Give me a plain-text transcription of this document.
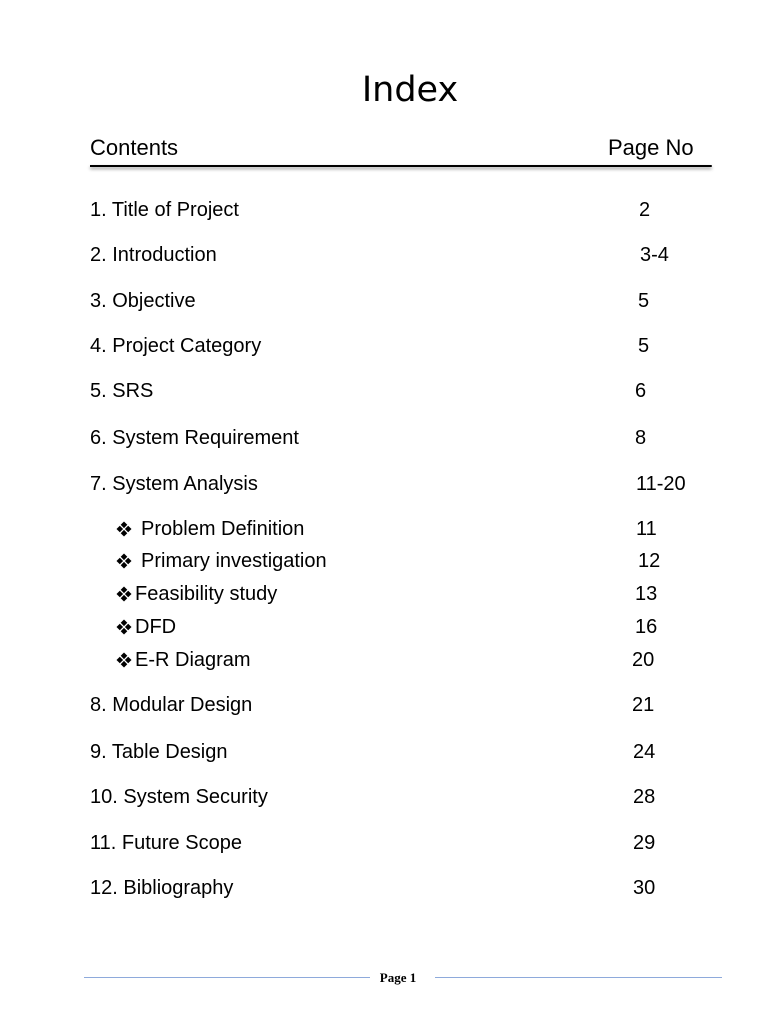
Index
Contents	Page No
1. Title of Project	2
2. Introduction	3-4
3. Objective	5
4. Project Category	5
5. SRS	6
6. System Requirement	8
7. System Analysis	11-20
Problem Definition	11
Primary investigation	12
Feasibility study	13
DFD	16
E-R Diagram	20
8. Modular Design	21
9. Table Design	24
10. System Security	28
11. Future Scope	29
12. Bibliography	30
Page 1
